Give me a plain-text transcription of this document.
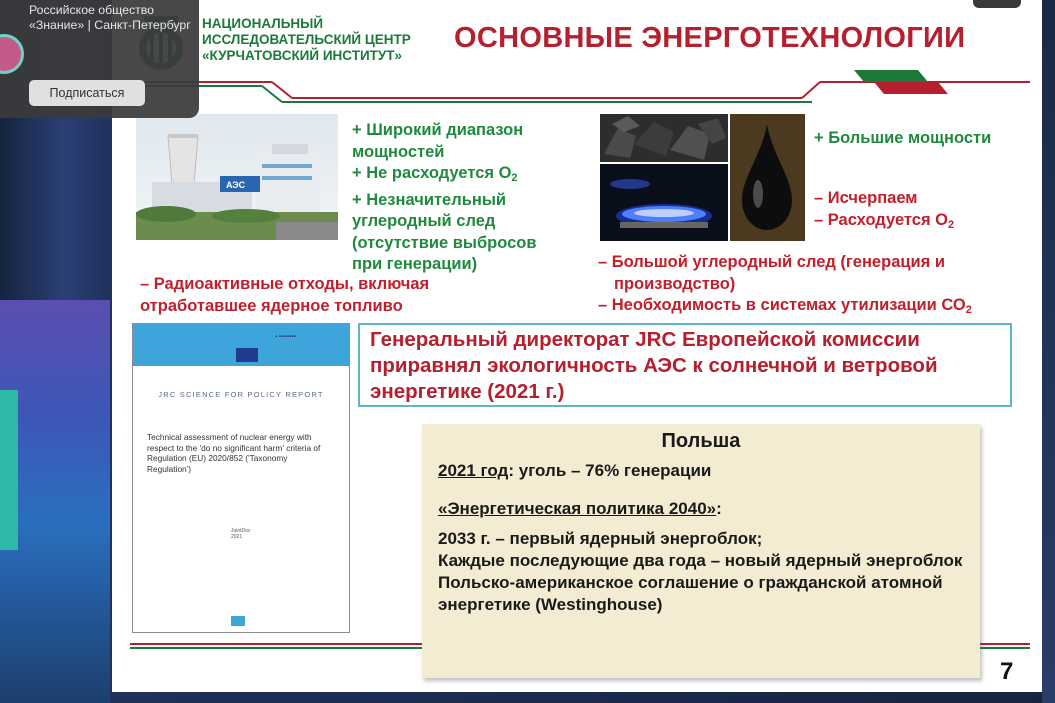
НАЦИОНАЛЬНЫЙ
ИССЛЕДОВАТЕЛЬСКИЙ ЦЕНТР
«КУРЧАТОВСКИЙ ИНСТИТУТ»
ОСНОВНЫЕ ЭНЕРГОТЕХНОЛОГИИ
АЭС
+ Широкий диапазон
мощностей
+ Не расходуется $О_2$
+ Незначительный
углеродный след
(отсутствие выбросов
при генерации)
– Радиоактивные отходы, включая
отработавшее ядерное топливо
+ Большие мощности
– Исчерпаем
– Расходуется $О_2$
– Большой углеродный след (генерация и
производство)
– Необходимость в системах утилизации $СО_2$
▪ ▪▪▪▪▪▪▪▪
JRC SCIENCE FOR POLICY REPORT
Technical assessment of nuclear energy with respect to the 'do no significant harm' criteria of Regulation (EU) 2020/852 ('Taxonomy Regulation')
JointDoc
2021
Генеральный директорат JRC Европейской комиссии приравнял экологичность АЭС к солнечной и ветровой энергетике (2021 г.)
Польша
2021 год: уголь – 76% генерации
«Энергетическая политика 2040»:
2033 г. – первый ядерный энергоблок;
Каждые последующие два года – новый ядерный энергоблок
Польско-американское соглашение о гражданской атомной энергетике (Westinghouse)
7
Российское общество «Знание» | Санкт-Петербург
Подписаться
